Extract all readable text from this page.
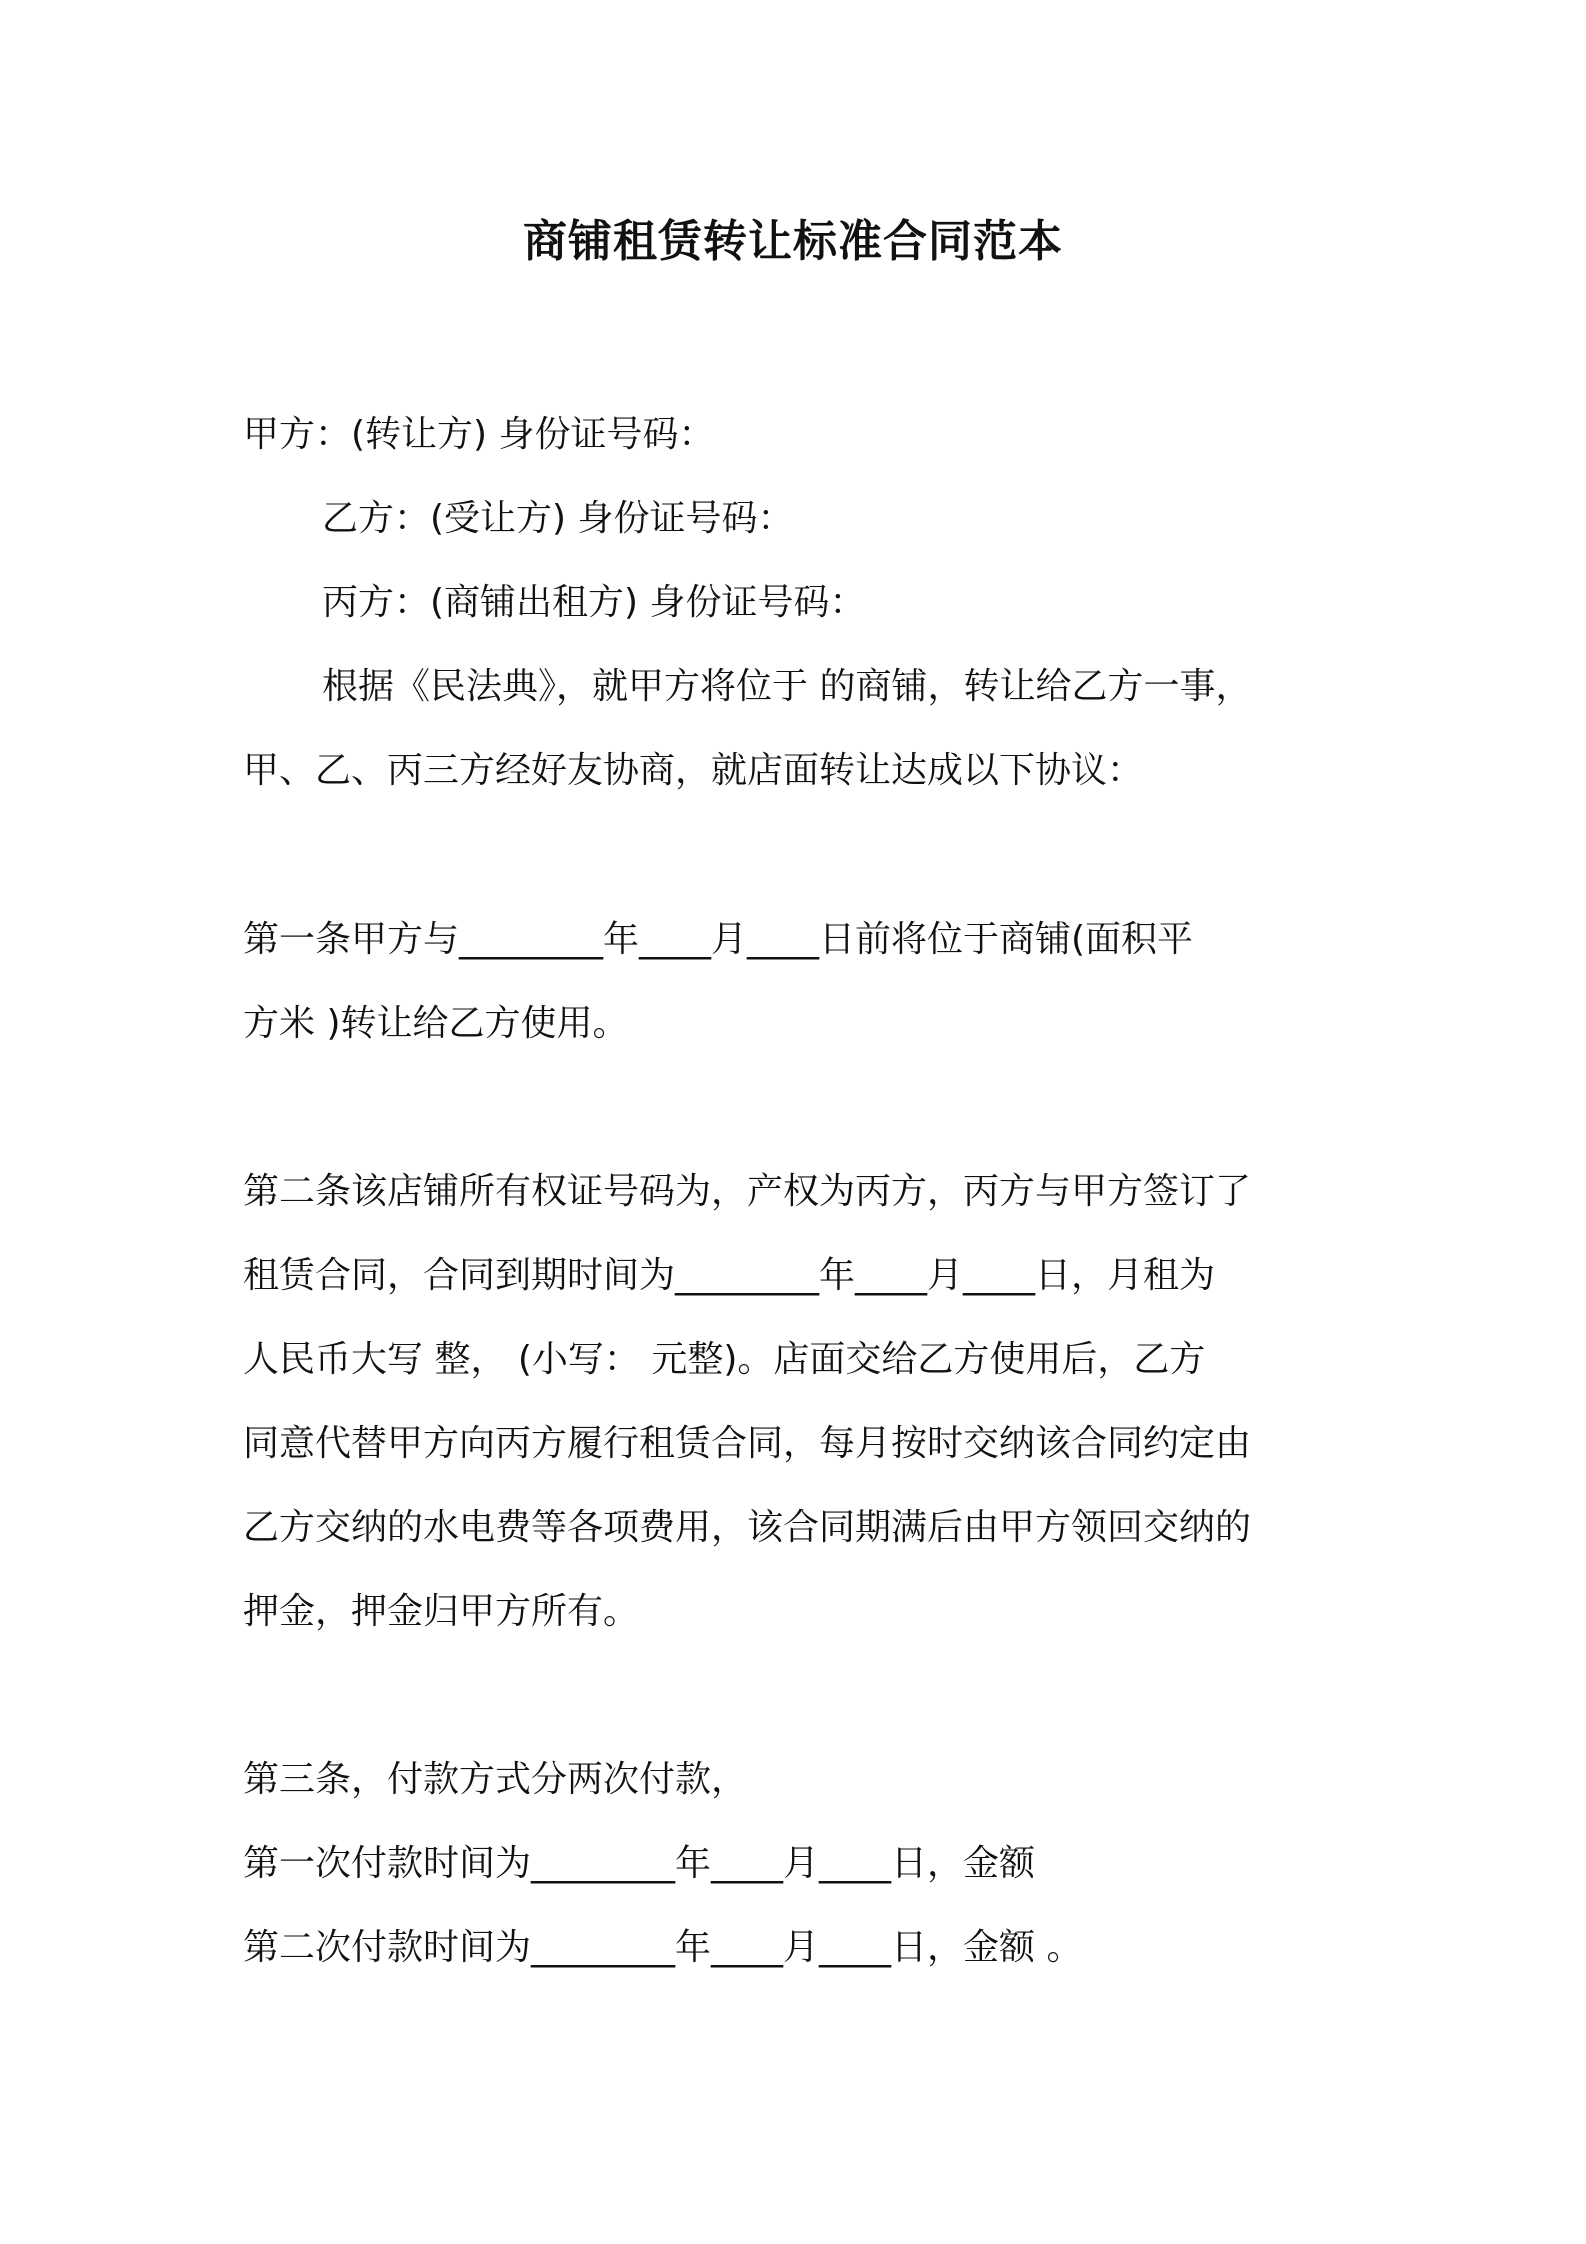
商铺租赁转让标准合同范本
甲方：(转让方) 身份证号码：
乙方：(受让方) 身份证号码：
丙方：(商铺出租方) 身份证号码：
根据《民法典》，就甲方将位于 的商铺，转让给乙方一事，
甲、乙、丙三方经好友协商，就店面转让达成以下协议：
第一条甲方与________年____月____日前将位于商铺(面积平
方米 )转让给乙方使用。
第二条该店铺所有权证号码为，产权为丙方，丙方与甲方签订了
租赁合同，合同到期时间为________年____月____日，月租为
人民币大写 整， (小写： 元整)。店面交给乙方使用后，乙方
同意代替甲方向丙方履行租赁合同，每月按时交纳该合同约定由
乙方交纳的水电费等各项费用，该合同期满后由甲方领回交纳的
押金，押金归甲方所有。
第三条，付款方式分两次付款，
第一次付款时间为________年____月____日，金额
第二次付款时间为________年____月____日，金额 。
